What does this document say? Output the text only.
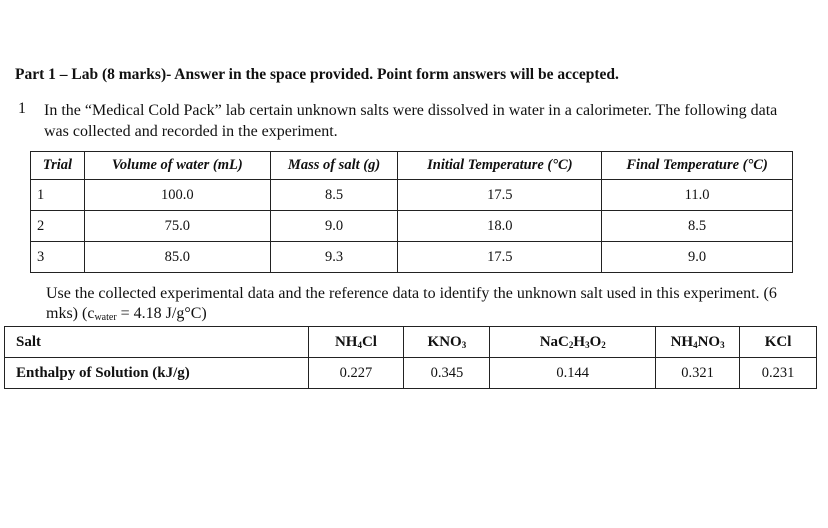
Part 1 – Lab (8 marks)- Answer in the space provided. Point form answers will be accepted.
1 In the “Medical Cold Pack” lab certain unknown salts were dissolved in water in a calorimeter. The following data was collected and recorded in the experiment.
Trial	Volume of water (mL)	Mass of salt (g)	Initial Temperature (°C)	Final Temperature (°C)
1	100.0	8.5	17.5	11.0
2	75.0	9.0	18.0	8.5
3	85.0	9.3	17.5	9.0
Use the collected experimental data and the reference data to identify the unknown salt used in this experiment. (6 mks) ($c_{water} = 4.18$ J/g°C)
Salt	$NH_4Cl$	$KNO_3$	$NaC_2H_3O_2$	$NH_4NO_3$	KCl
Enthalpy of Solution (kJ/g)	0.227	0.345	0.144	0.321	0.231
